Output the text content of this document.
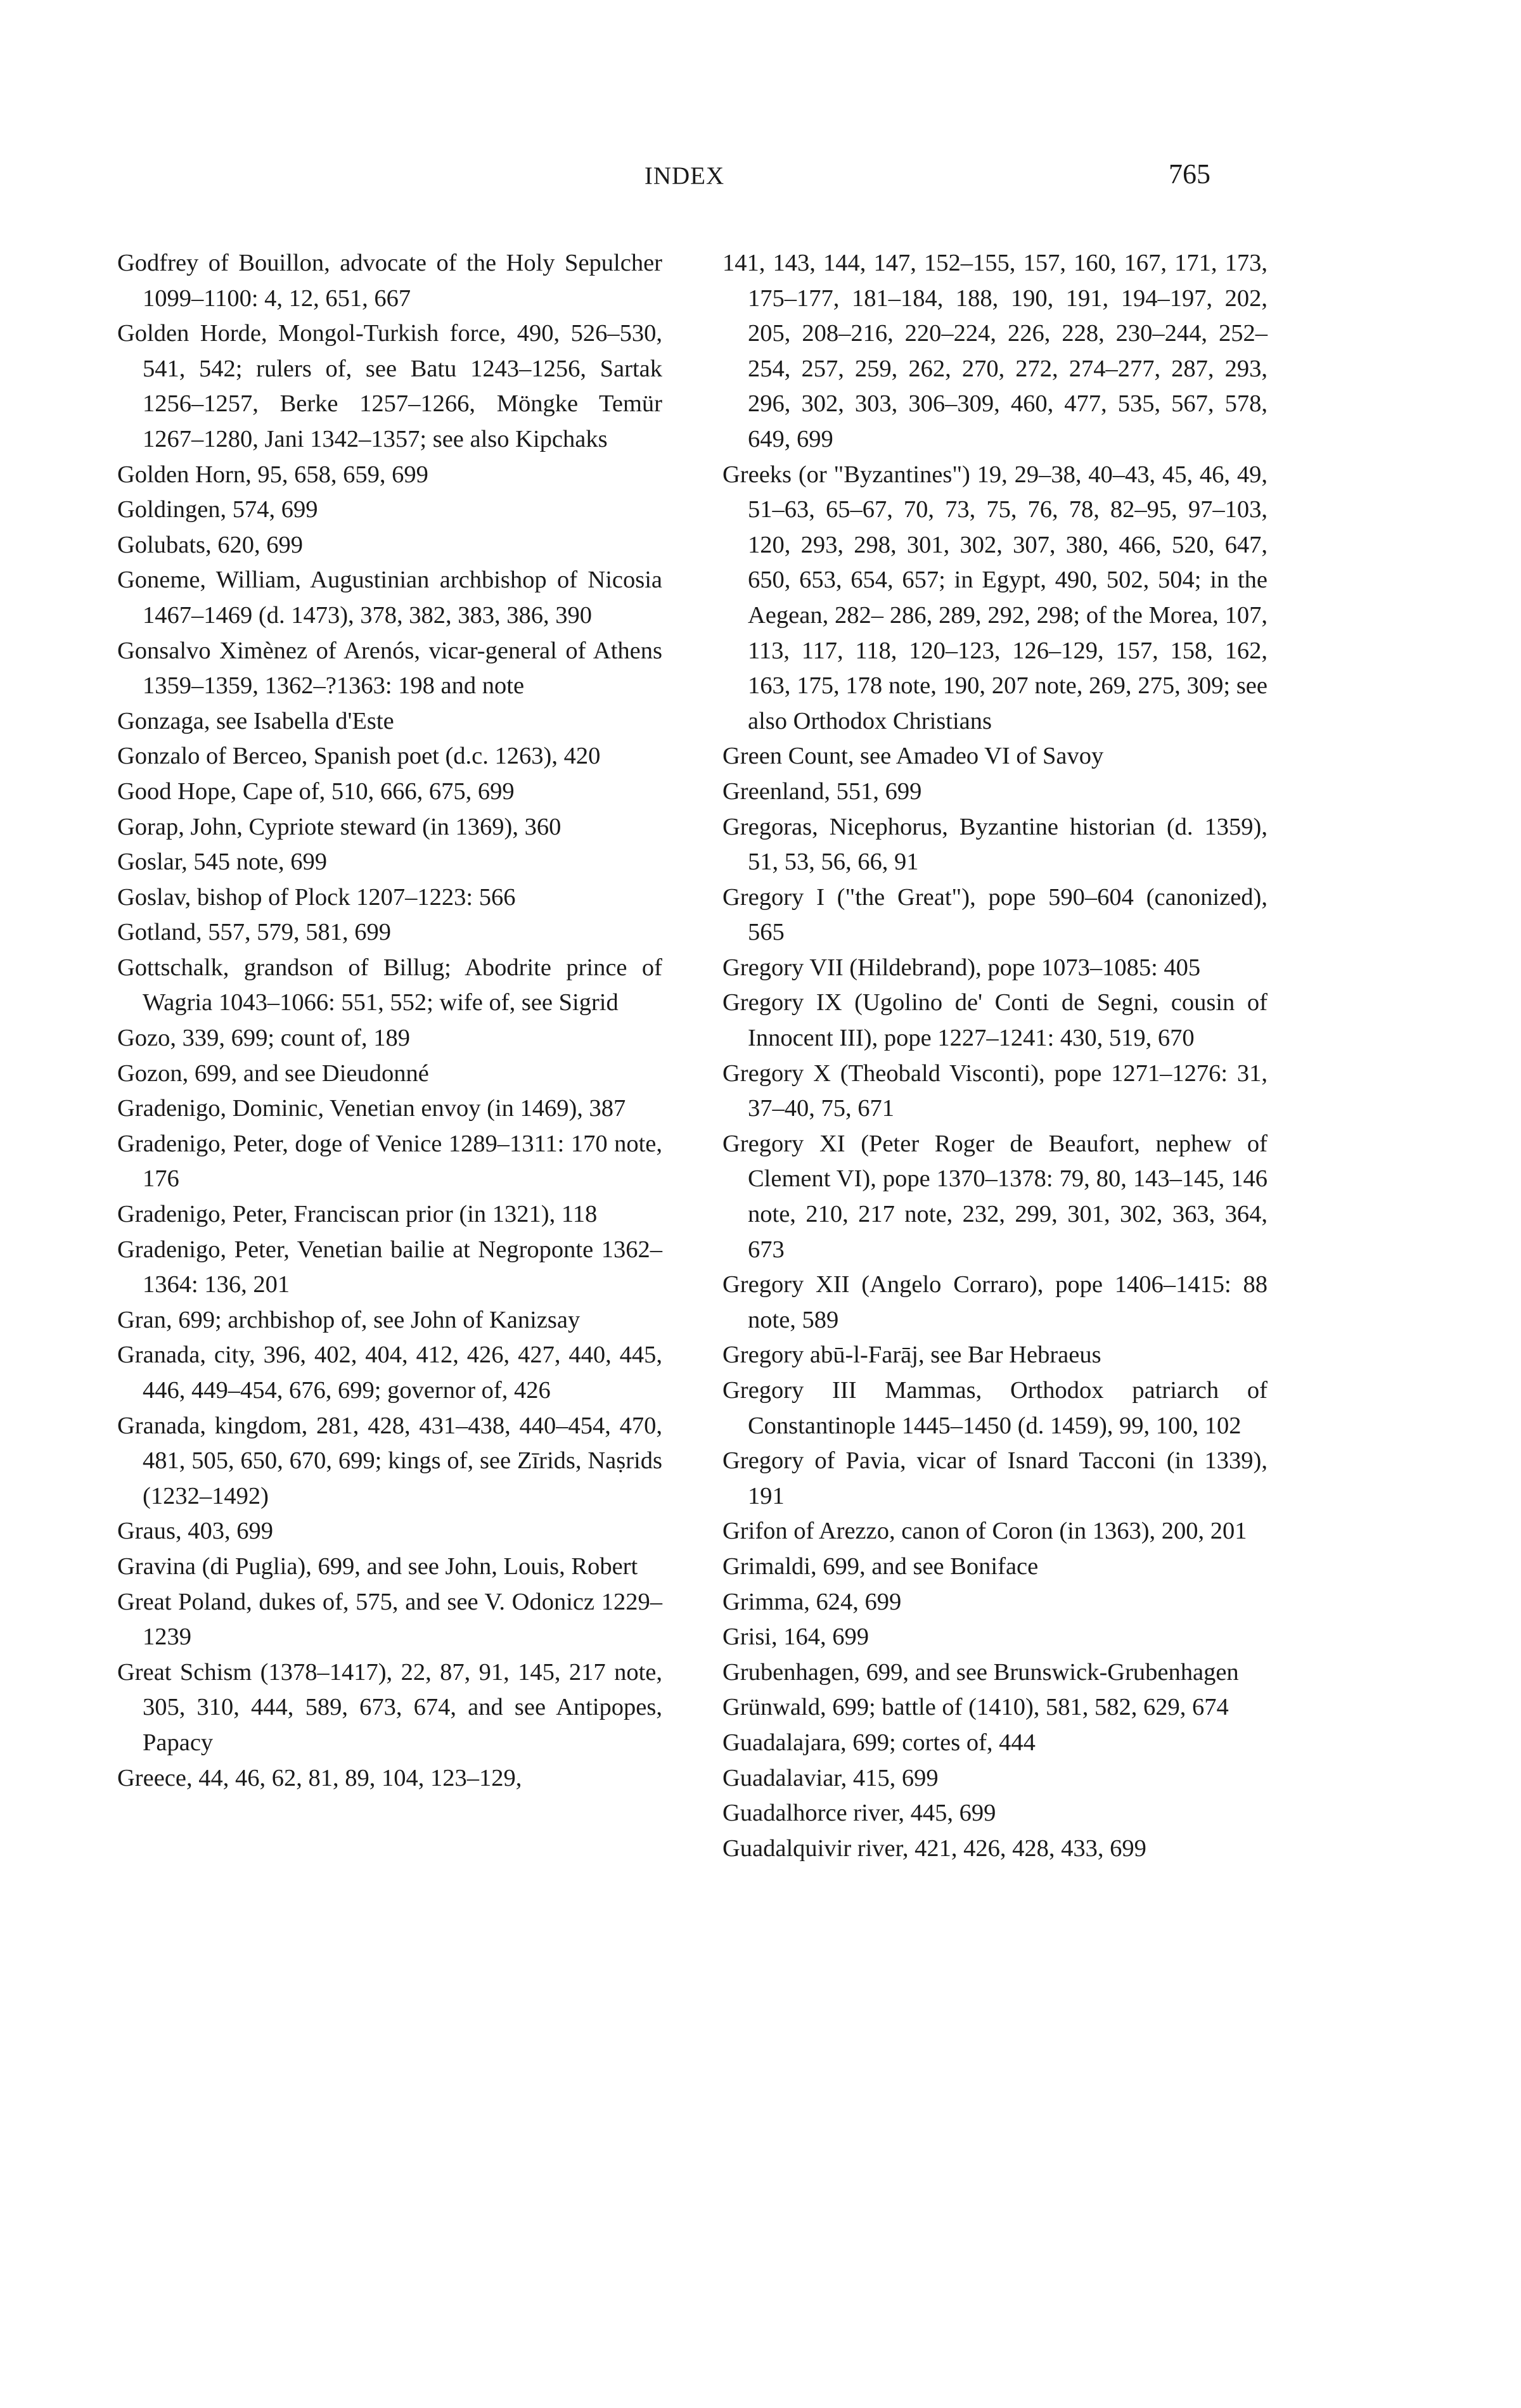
INDEX	765

Godfrey of Bouillon, advocate of the Holy Sepulcher 1099–1100: 4, 12, 651, 667

Golden Horde, Mongol-Turkish force, 490, 526–530, 541, 542; rulers of, see Batu 1243–1256, Sartak 1256–1257, Berke 1257–1266, Möngke Temür 1267–1280, Jani 1342–1357; see also Kipchaks

Golden Horn, 95, 658, 659, 699

Goldingen, 574, 699

Golubats, 620, 699

Goneme, William, Augustinian archbishop of Nicosia 1467–1469 (d. 1473), 378, 382, 383, 386, 390

Gonsalvo Ximènez of Arenós, vicar-general of Athens 1359–1359, 1362–?1363: 198 and note

Gonzaga, see Isabella d'Este

Gonzalo of Berceo, Spanish poet (d.c. 1263), 420

Good Hope, Cape of, 510, 666, 675, 699

Gorap, John, Cypriote steward (in 1369), 360

Goslar, 545 note, 699

Goslav, bishop of Plock 1207–1223: 566

Gotland, 557, 579, 581, 699

Gottschalk, grandson of Billug; Abodrite prince of Wagria 1043–1066: 551, 552; wife of, see Sigrid

Gozo, 339, 699; count of, 189

Gozon, 699, and see Dieudonné

Gradenigo, Dominic, Venetian envoy (in 1469), 387

Gradenigo, Peter, doge of Venice 1289–1311: 170 note, 176

Gradenigo, Peter, Franciscan prior (in 1321), 118

Gradenigo, Peter, Venetian bailie at Negroponte 1362–1364: 136, 201

Gran, 699; archbishop of, see John of Kanizsay

Granada, city, 396, 402, 404, 412, 426, 427, 440, 445, 446, 449–454, 676, 699; governor of, 426

Granada, kingdom, 281, 428, 431–438, 440–454, 470, 481, 505, 650, 670, 699; kings of, see Zīrids, Naṣrids (1232–1492)

Graus, 403, 699

Gravina (di Puglia), 699, and see John, Louis, Robert

Great Poland, dukes of, 575, and see V. Odonicz 1229–1239

Great Schism (1378–1417), 22, 87, 91, 145, 217 note, 305, 310, 444, 589, 673, 674, and see Antipopes, Papacy

Greece, 44, 46, 62, 81, 89, 104, 123–129,

141, 143, 144, 147, 152–155, 157, 160, 167, 171, 173, 175–177, 181–184, 188, 190, 191, 194–197, 202, 205, 208–216, 220–224, 226, 228, 230–244, 252–254, 257, 259, 262, 270, 272, 274–277, 287, 293, 296, 302, 303, 306–309, 460, 477, 535, 567, 578, 649, 699

Greeks (or "Byzantines") 19, 29–38, 40–43, 45, 46, 49, 51–63, 65–67, 70, 73, 75, 76, 78, 82–95, 97–103, 120, 293, 298, 301, 302, 307, 380, 466, 520, 647, 650, 653, 654, 657; in Egypt, 490, 502, 504; in the Aegean, 282– 286, 289, 292, 298; of the Morea, 107, 113, 117, 118, 120–123, 126–129, 157, 158, 162, 163, 175, 178 note, 190, 207 note, 269, 275, 309; see also Orthodox Christians

Green Count, see Amadeo VI of Savoy

Greenland, 551, 699

Gregoras, Nicephorus, Byzantine historian (d. 1359), 51, 53, 56, 66, 91

Gregory I ("the Great"), pope 590–604 (canonized), 565

Gregory VII (Hildebrand), pope 1073–1085: 405

Gregory IX (Ugolino de' Conti de Segni, cousin of Innocent III), pope 1227–1241: 430, 519, 670

Gregory X (Theobald Visconti), pope 1271–1276: 31, 37–40, 75, 671

Gregory XI (Peter Roger de Beaufort, nephew of Clement VI), pope 1370–1378: 79, 80, 143–145, 146 note, 210, 217 note, 232, 299, 301, 302, 363, 364, 673

Gregory XII (Angelo Corraro), pope 1406–1415: 88 note, 589

Gregory abū-l-Farāj, see Bar Hebraeus

Gregory III Mammas, Orthodox patriarch of Constantinople 1445–1450 (d. 1459), 99, 100, 102

Gregory of Pavia, vicar of Isnard Tacconi (in 1339), 191

Grifon of Arezzo, canon of Coron (in 1363), 200, 201

Grimaldi, 699, and see Boniface

Grimma, 624, 699

Grisi, 164, 699

Grubenhagen, 699, and see Brunswick-Grubenhagen

Grünwald, 699; battle of (1410), 581, 582, 629, 674

Guadalajara, 699; cortes of, 444

Guadalaviar, 415, 699

Guadalhorce river, 445, 699

Guadalquivir river, 421, 426, 428, 433, 699
